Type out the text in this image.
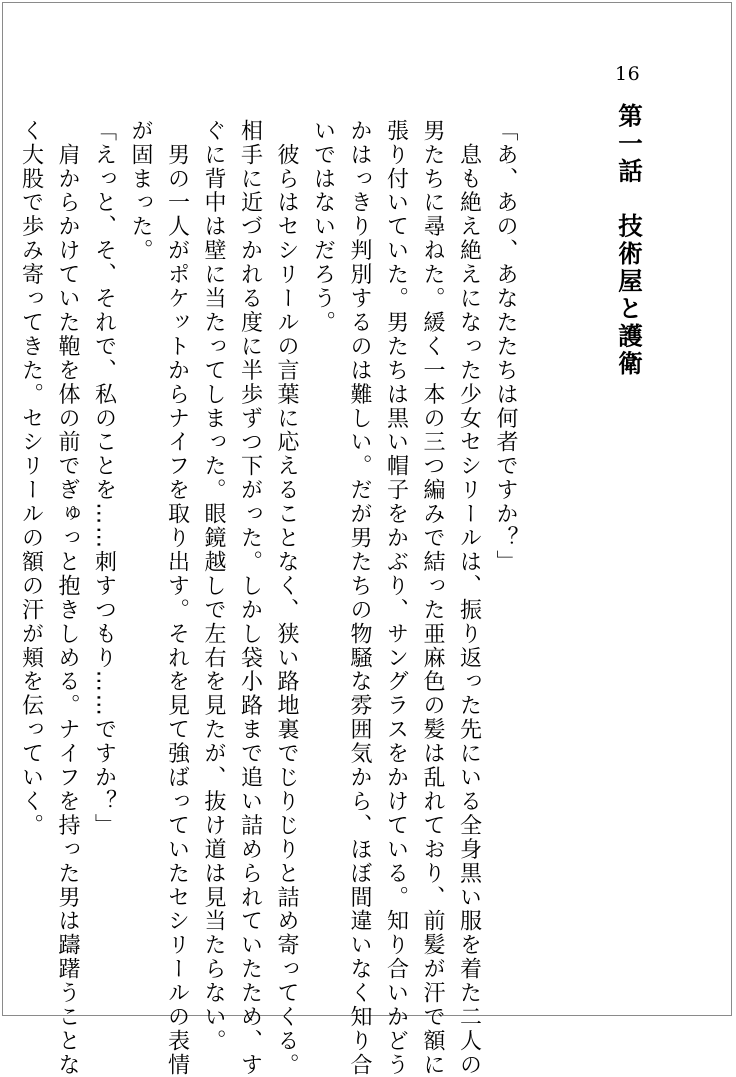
16
第一話　技術屋と護衛
「あ、あの、あなたたちは何者ですか？」
　息も絶え絶えになった少女セシリールは、振り返った先にいる全身黒い服を着た二人の
男たちに尋ねた。緩く一本の三つ編みで結った亜麻色の髪は乱れており、前髪が汗で額に
張り付いていた。男たちは黒い帽子をかぶり、サングラスをかけている。知り合いかどう
かはっきり判別するのは難しい。だが男たちの物騒な雰囲気から、ほぼ間違いなく知り合
いではないだろう。
　彼らはセシリールの言葉に応えることなく、狭い路地裏でじりじりと詰め寄ってくる。
相手に近づかれる度に半歩ずつ下がった。しかし袋小路まで追い詰められていたため、す
ぐに背中は壁に当たってしまった。眼鏡越しで左右を見たが、抜け道は見当たらない。
　男の一人がポケットからナイフを取り出す。それを見て強ばっていたセシリールの表情
が固まった。
「えっと、そ、それで、私のことを……刺すつもり……ですか？」
　肩からかけていた鞄を体の前でぎゅっと抱きしめる。ナイフを持った男は躊躇うことな
く大股で歩み寄ってきた。セシリールの額の汗が頬を伝っていく。
